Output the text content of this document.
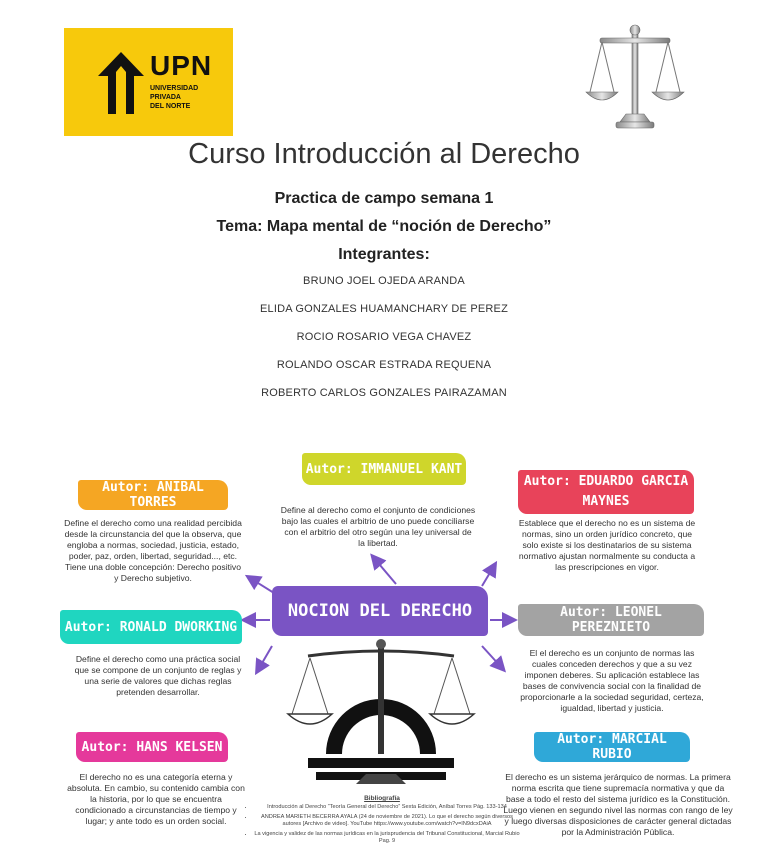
UPN
UNIVERSIDAD
PRIVADA
DEL NORTE
Curso Introducción al Derecho
Practica de campo semana 1
Tema: Mapa mental de “noción de Derecho”
Integrantes:
BRUNO JOEL OJEDA ARANDA
ELIDA GONZALES HUAMANCHARY DE PEREZ
ROCIO ROSARIO VEGA CHAVEZ
ROLANDO OSCAR ESTRADA REQUENA
ROBERTO CARLOS GONZALES PAIRAZAMAN
NOCION DEL DERECHO
Autor: ANIBAL TORRES
Define el derecho como una realidad percibida desde la circunstancia del que la observa, que engloba a normas, sociedad, justicia, estado, poder, paz, orden, libertad, seguridad..., etc. Tiene una doble concepción: Derecho positivo y Derecho subjetivo.
Autor: IMMANUEL KANT
Define al derecho como el conjunto de condiciones bajo las cuales el arbitrio de uno puede conciliarse con el arbitrio del otro según una ley universal de la libertad.
Autor: EDUARDO GARCIA MAYNES
Establece que el derecho no es un sistema de normas, sino un orden jurídico concreto, que solo existe si los destinatarios de su sistema normativo ajustan normalmente su conducta a las prescripciones en vigor.
Autor: RONALD DWORKING
Define el derecho como una práctica social que se compone de un conjunto de reglas y una serie de valores que dichas reglas pretenden desarrollar.
Autor: LEONEL PEREZNIETO
El el derecho es un conjunto de normas las cuales conceden derechos y que a su vez imponen deberes. Su aplicación establece las bases de convivencia social con la finalidad de proporcionarle a la sociedad seguridad, certeza, igualdad, libertad y justicia.
Autor: HANS KELSEN
El derecho no es una categoría eterna y absoluta. En cambio, su contenido cambia con la historia, por lo que se encuentra condicionado a circunstancias de tiempo y lugar; y ante todo es un orden social.
Autor: MARCIAL RUBIO
El derecho es un sistema jerárquico de normas. La primera norma escrita que tiene supremacía normativa y que da base a todo el resto del sistema jurídico es la Constitución. Luego vienen en segundo nivel las normas con rango de ley y luego diversas disposiciones de carácter general dictadas por la Administración Pública.
Bibliografía
• Introducción al Derecho “Teoría General del Derecho” Sexta Edición, Aníbal Torres Pág. 133-134
• ANDREA MARIETH BECERRA AYALA (24 de noviembre de 2021). Lo que el derecho según diversos autores [Archivo de video]. YouTube https://www.youtube.com/watch?v=IN9dcxDAiA
• La vigencia y validez de las normas jurídicas en la jurisprudencia del Tribunal Constitucional, Marcial Rubio Pag. 9
